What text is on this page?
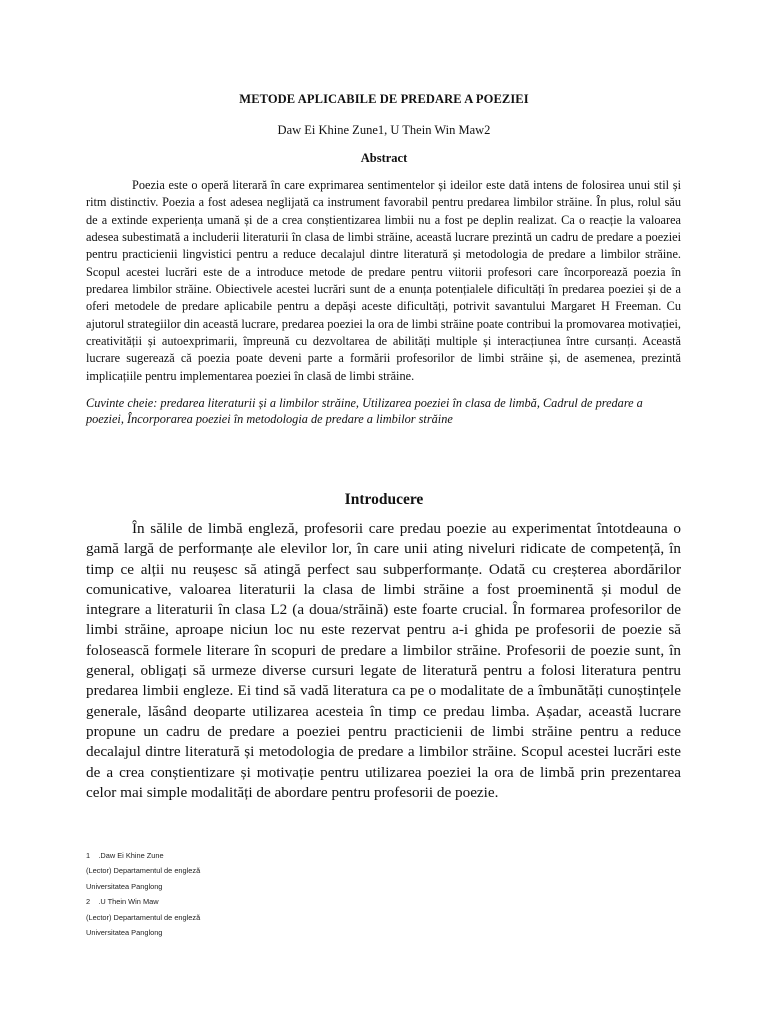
METODE APLICABILE DE PREDARE A POEZIEI
Daw Ei Khine Zune1, U Thein Win Maw2
Abstract

Poezia este o operă literară în care exprimarea sentimentelor și ideilor este dată intens de folosirea unui stil și ritm distinctiv. Poezia a fost adesea neglijată ca instrument favorabil pentru predarea limbilor străine. În plus, rolul său de a extinde experiența umană și de a crea conștientizarea limbii nu a fost pe deplin realizat. Ca o reacție la valoarea adesea subestimată a includerii literaturii în clasa de limbi străine, această lucrare prezintă un cadru de predare a poeziei pentru practicienii lingvistici pentru a reduce decalajul dintre literatură și metodologia de predare a limbilor străine. Scopul acestei lucrări este de a introduce metode de predare pentru viitorii profesori care încorporează poezia în predarea limbilor străine. Obiectivele acestei lucrări sunt de a enunța potențialele dificultăți în predarea poeziei și de a oferi metodele de predare aplicabile pentru a depăși aceste dificultăți, potrivit savantului Margaret H Freeman. Cu ajutorul strategiilor din această lucrare, predarea poeziei la ora de limbi străine poate contribui la promovarea motivației, creativității și autoexprimarii, împreună cu dezvoltarea de abilități multiple și interacțiunea între cursanți. Această lucrare sugerează că poezia poate deveni parte a formării profesorilor de limbi străine și, de asemenea, prezintă implicațiile pentru implementarea poeziei în clasă de limbi străine.

Cuvinte cheie: predarea literaturii și a limbilor străine, Utilizarea poeziei în clasa de limbă, Cadrul de predare a poeziei, Încorporarea poeziei în metodologia de predare a limbilor străine

Introducere

În sălile de limbă engleză, profesorii care predau poezie au experimentat întotdeauna o gamă largă de performanțe ale elevilor lor, în care unii ating niveluri ridicate de competență, în timp ce alții nu reușesc să atingă perfect sau subperformanțe. Odată cu creșterea abordărilor comunicative, valoarea literaturii la clasa de limbi străine a fost proeminentă și modul de integrare a literaturii în clasa L2 (a doua/străină) este foarte crucial. În formarea profesorilor de limbi străine, aproape niciun loc nu este rezervat pentru a-i ghida pe profesorii de poezie să folosească formele literare în scopuri de predare a limbilor străine. Profesorii de poezie sunt, în general, obligați să urmeze diverse cursuri legate de literatură pentru a folosi literatura pentru predarea limbii engleze. Ei tind să vadă literatura ca pe o modalitate de a îmbunătăți cunoștințele generale, lăsând deoparte utilizarea acesteia în timp ce predau limba. Așadar, această lucrare propune un cadru de predare a poeziei pentru practicienii de limbi străine pentru a reduce decalajul dintre literatură și metodologia de predare a limbilor străine. Scopul acestei lucrări este de a crea conștientizare și motivație pentru utilizarea poeziei la ora de limbă prin prezentarea celor mai simple modalități de abordare pentru profesorii de poezie.

1    .Daw Ei Khine Zune
(Lector) Departamentul de engleză
Universitatea Panglong
2    .U Thein Win Maw
(Lector) Departamentul de engleză
Universitatea Panglong
